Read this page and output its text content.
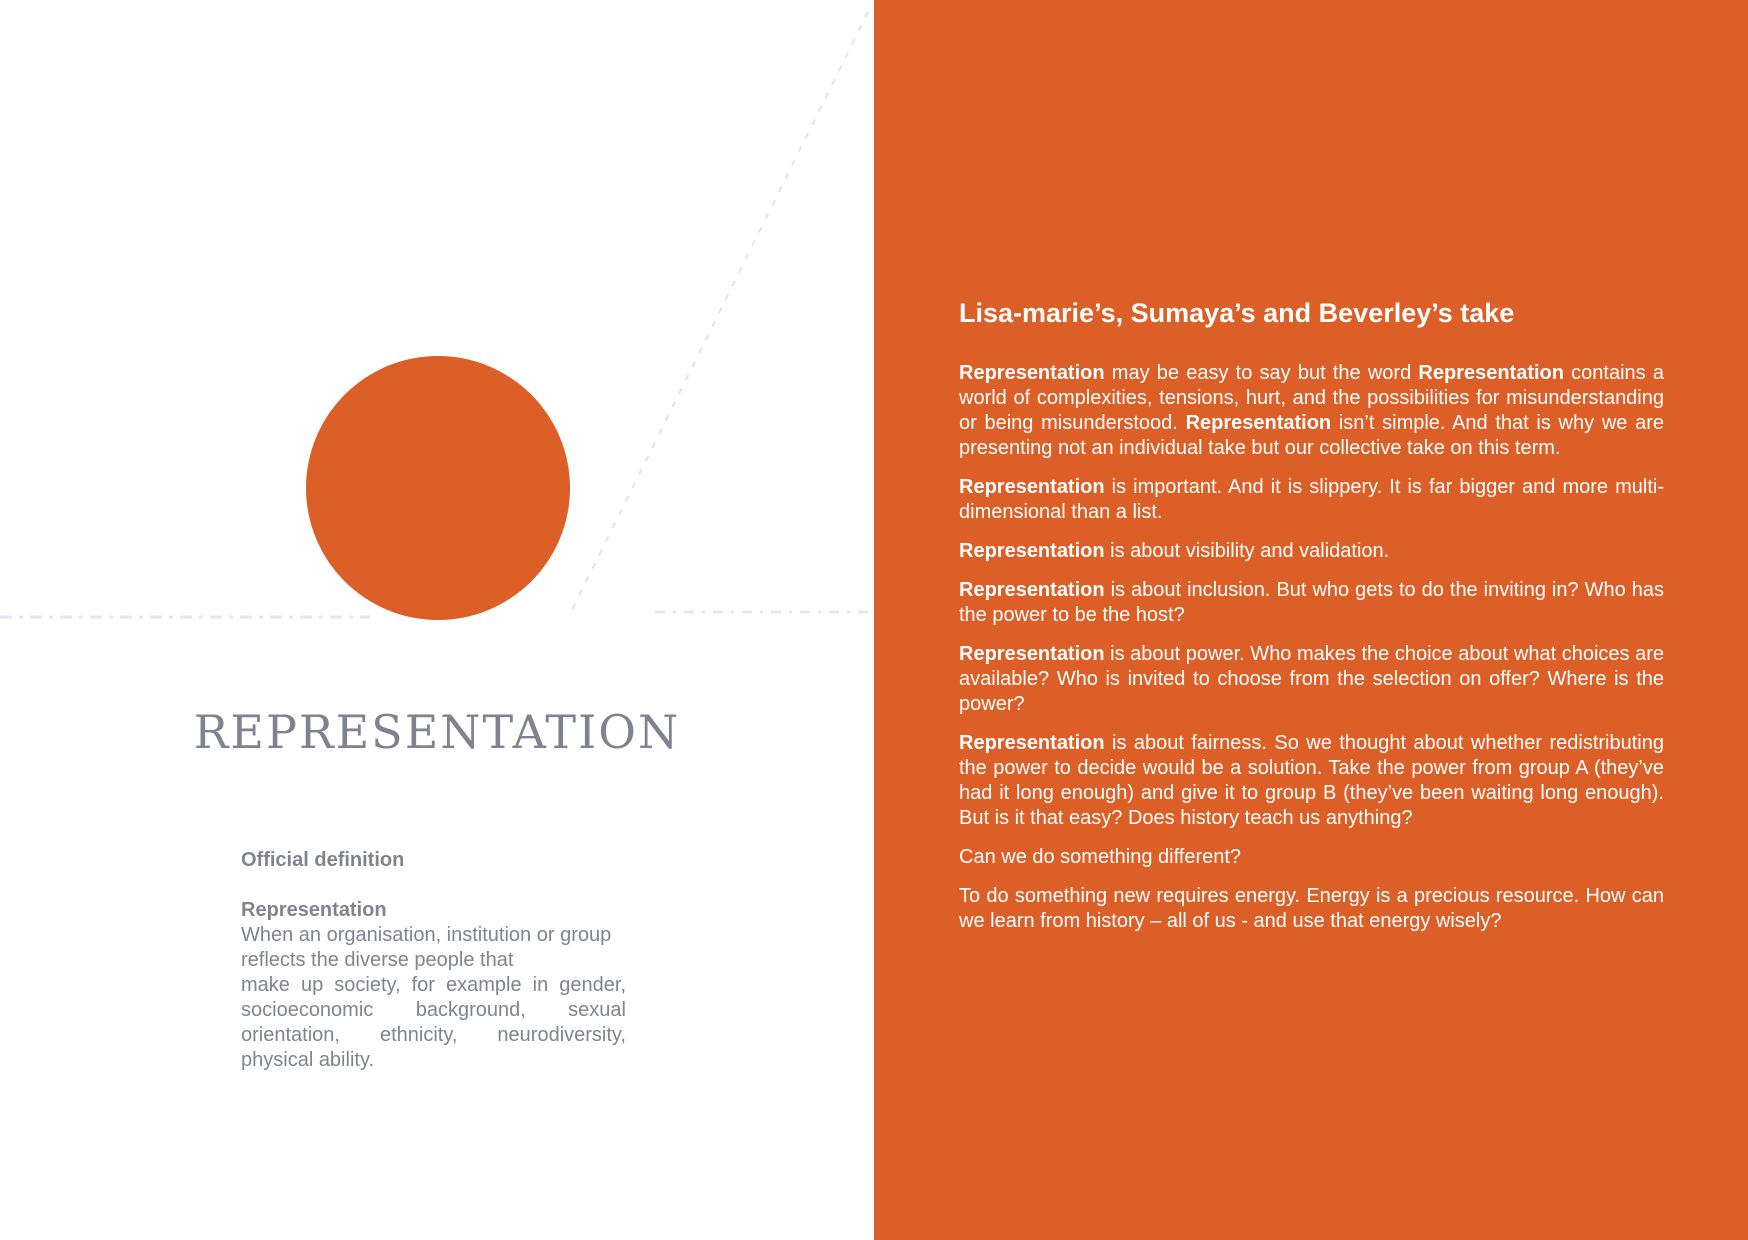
REPRESENTATION

Official definition

Representation

When an organisation, institution or group reflects the diverse people that

make up society, for example in gender, socioeconomic background, sexual orientation, ethnicity, neurodiversity, physical ability.

Lisa-marie’s, Sumaya’s and Beverley’s take

Representation may be easy to say but the word Representation contains a world of complexities, tensions, hurt, and the possibilities for misunderstanding or being misunderstood. Representation isn’t simple. And that is why we are presenting not an individual take but our collective take on this term.

Representation is important. And it is slippery. It is far bigger and more multi-dimensional than a list.

Representation is about visibility and validation.

Representation is about inclusion. But who gets to do the inviting in? Who has the power to be the host?

Representation is about power. Who makes the choice about what choices are available? Who is invited to choose from the selection on offer? Where is the power?

Representation is about fairness. So we thought about whether redistributing the power to decide would be a solution. Take the power from group A (they’ve had it long enough) and give it to group B (they’ve been waiting long enough). But is it that easy? Does history teach us anything?

Can we do something different?

To do something new requires energy. Energy is a precious resource. How can we learn from history – all of us - and use that energy wisely?
